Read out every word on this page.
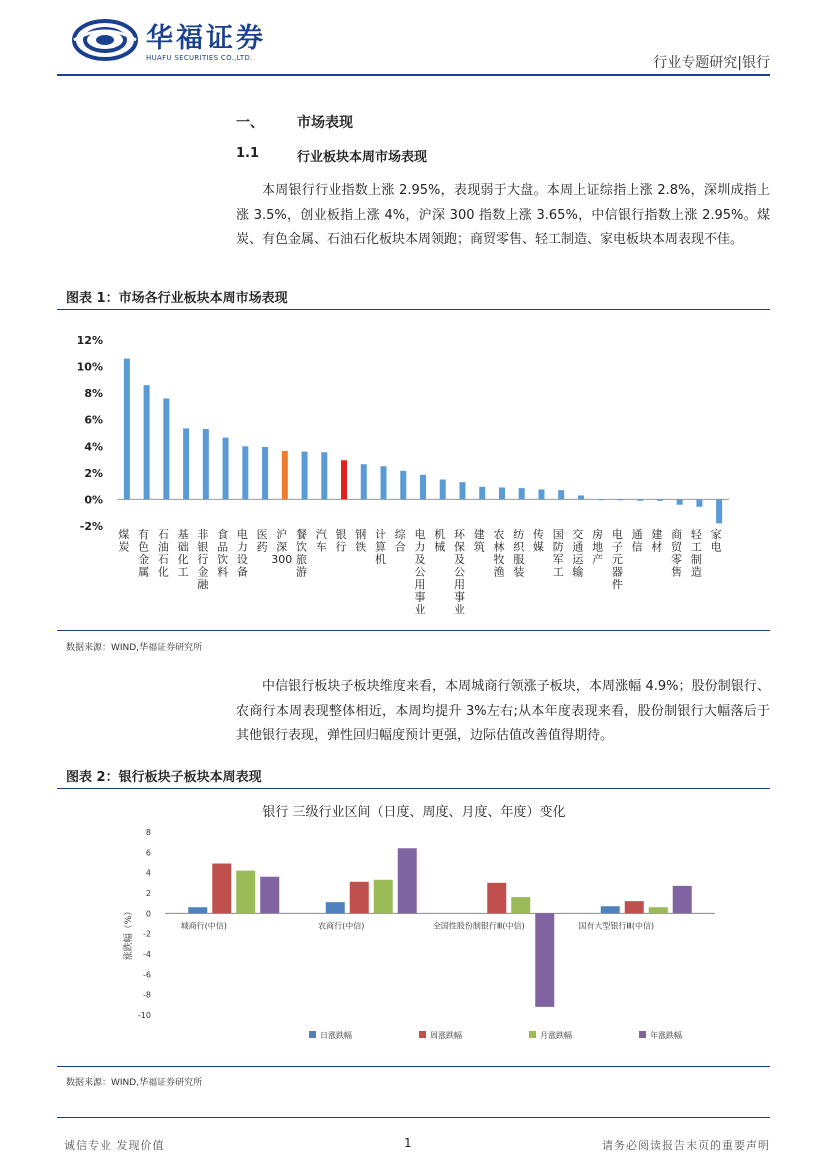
华福证券
HUAFU SECURITIES CO.,LTD.	行业专题研究|银行
一、 市场表现
1.1	行业板块本周市场表现
本周银行行业指数上涨 2.95%，表现弱于大盘。本周上证综指上涨 2.8%，深圳成指上涨 3.5%，创业板指上涨 4%，沪深 300 指数上涨 3.65%，中信银行指数上涨 2.95%。煤炭、有色金属、石油石化板块本周领跑；商贸零售、轻工制造、家电板块本周表现不佳。
图表 1：市场各行业板块本周市场表现
12%
10%
8%
6%
4%
2%
0%
-2%
煤炭
有色金属
石油石化
基础化工
非银行金融
食品饮料
电力设备
医药
沪深 300
餐饮旅游
汽车
银行
钢铁
计算机
综合
电力及公用事业
机械
环保及公用事业
建筑
农林牧渔
纺织服装
传媒
国防军工
交通运输
房地产
电子元器件
通信
建材
商贸零售
轻工制造
家电
数据来源：WIND,华福证券研究所
中信银行板块子板块维度来看，本周城商行领涨子板块，本周涨幅 4.9%；股份制银行、农商行本周表现整体相近，本周均提升 3%左右;从本年度表现来看，股份制银行大幅落后于其他银行表现，弹性回归幅度预计更强，边际估值改善值得期待。
图表 2：银行板块子板块本周表现
银行 三级行业区间（日度、周度、月度、年度）变化
8
6
4
2
0
-2
-4
-6
-8
-10
涨跌幅（%）	城商行(中信)	农商行(中信)	全国性股份制银行Ⅲ(中信)	国有大型银行Ⅲ(中信)
日涨跌幅	周涨跌幅	月涨跌幅	年涨跌幅
数据来源：WIND,华福证券研究所
诚信专业 发现价值	1	请务必阅读报告末页的重要声明
